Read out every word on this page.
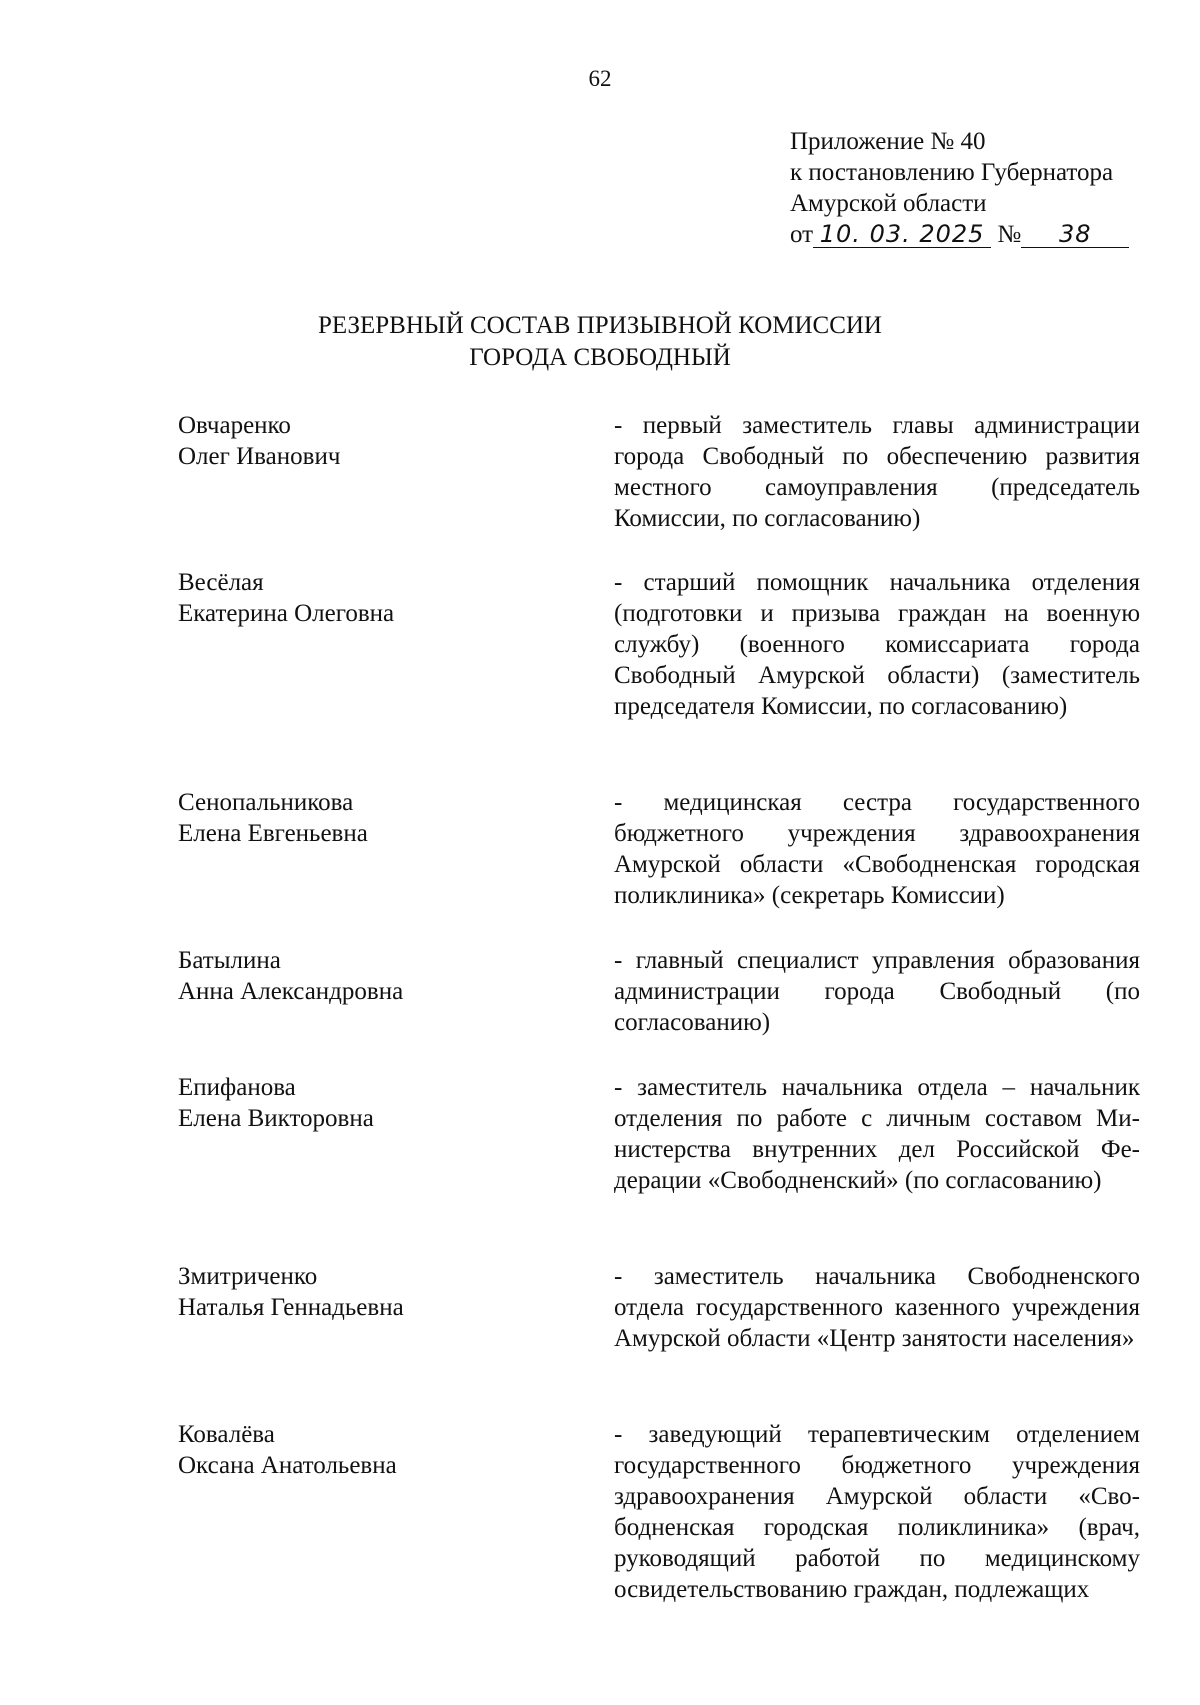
62
Приложение № 40
к постановлению Губернатора
Амурской области
от 10. 03. 2025 № 38
РЕЗЕРВНЫЙ СОСТАВ ПРИЗЫВНОЙ КОМИССИИ
ГОРОДА СВОБОДНЫЙ
Овчаренко
Олег Иванович
- первый заместитель главы администрации города Свободный по обеспечению развития местного самоуправления (председатель Комиссии, по согласованию)
Весёлая
Екатерина Олеговна
- старший помощник начальника отделения (подготовки и призыва граждан на военную службу) (военного комиссариата города Свободный Амурской области) (заместитель председателя Комиссии, по согласованию)
Сенопальникова
Елена Евгеньевна
- медицинская сестра государственного бюджетного учреждения здравоохранения Амурской области «Свободненская городская поликлиника» (секретарь Комиссии)
Батылина
Анна Александровна
- главный специалист управления образования администрации города Свободный (по согласованию)
Епифанова
Елена Викторовна
- заместитель начальника отдела – начальник отделения по работе с личным составом Министерства внутренних дел Российской Федерации «Свободненский» (по согласованию)
Змитриченко
Наталья Геннадьевна
- заместитель начальника Свободненского отдела государственного казенного учреждения Амурской области «Центр занятости населения»
Ковалёва
Оксана Анатольевна
- заведующий терапевтическим отделением государственного бюджетного учреждения здравоохранения Амурской области «Свободненская городская поликлиника» (врач, руководящий работой по медицинскому освидетельствованию граждан, подлежащих
